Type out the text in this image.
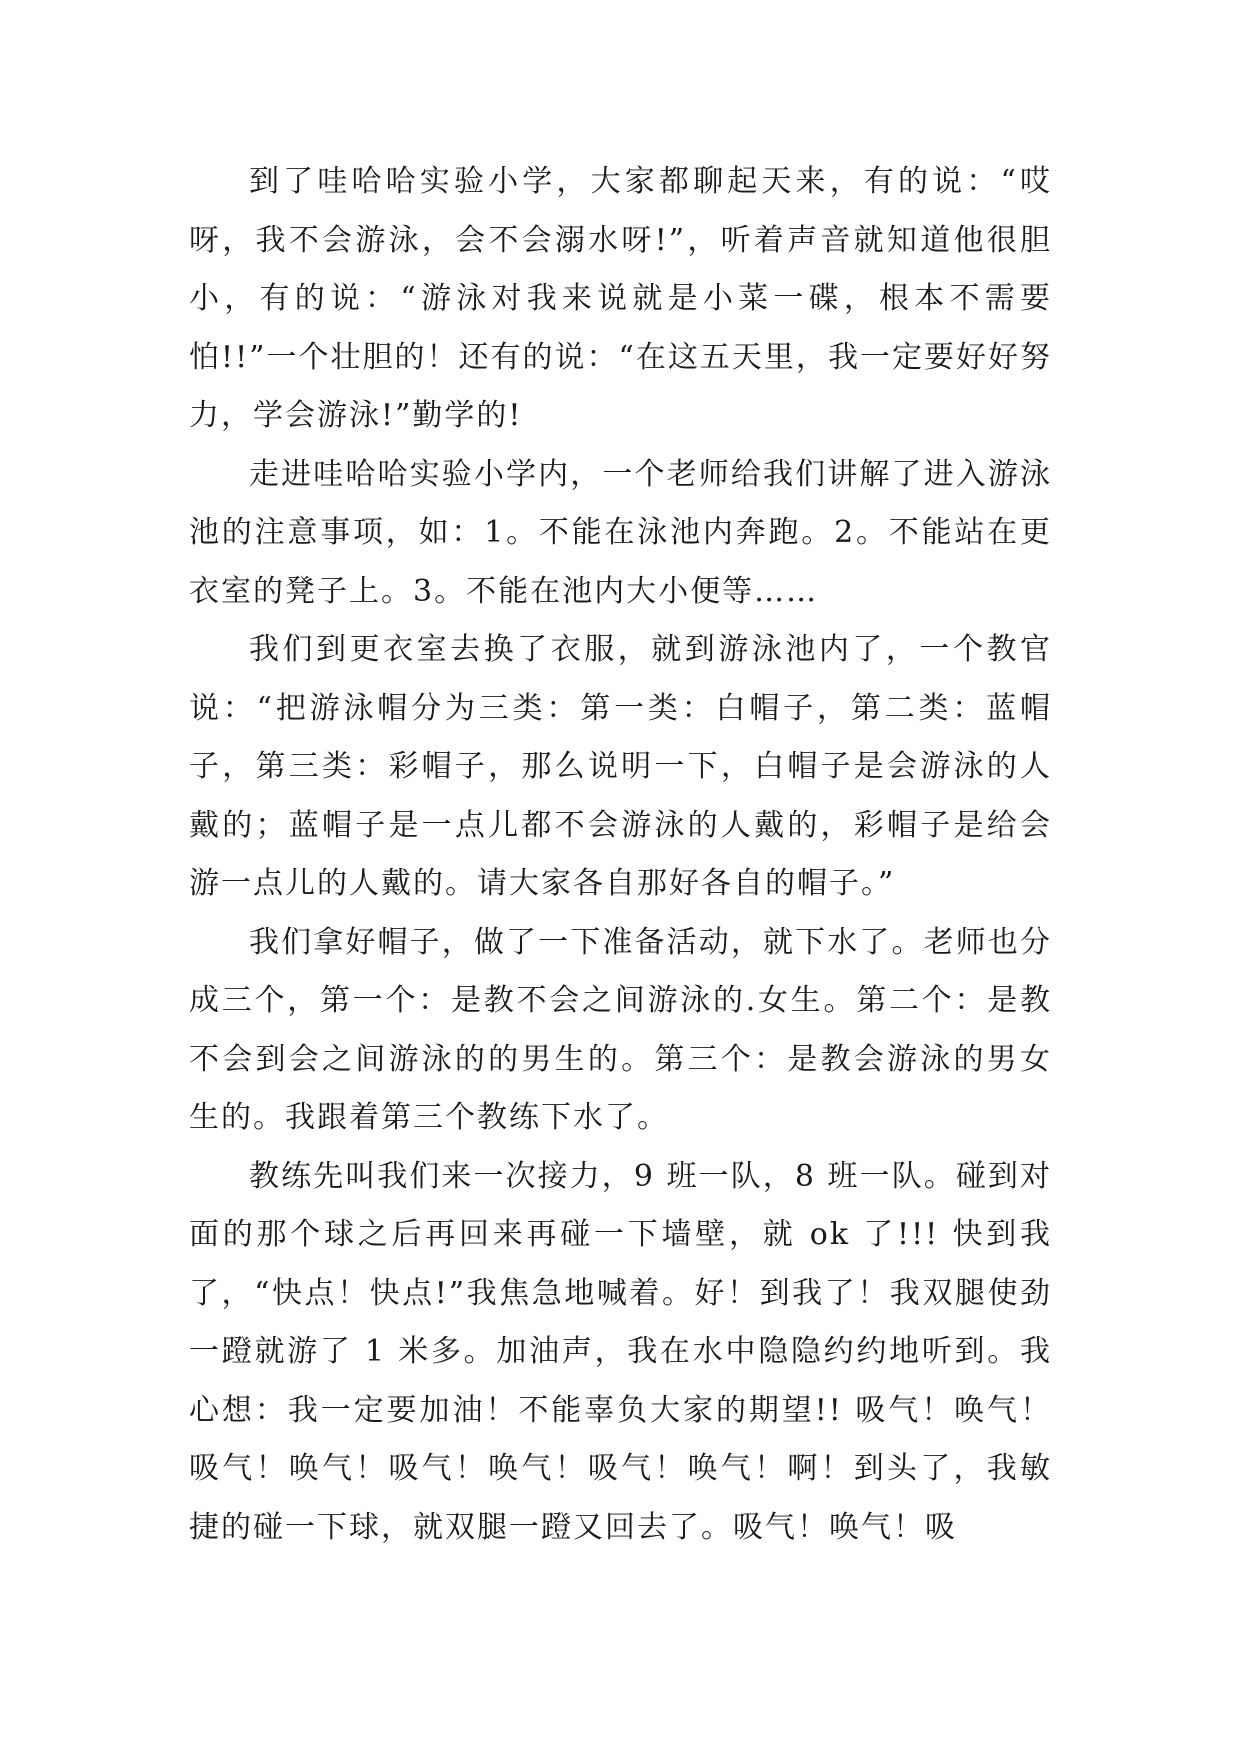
到了哇哈哈实验小学，大家都聊起天来，有的说：“哎呀，我不会游泳，会不会溺水呀!”，听着声音就知道他很胆小，有的说：“游泳对我来说就是小菜一碟，根本不需要怕!!”一个壮胆的！还有的说：“在这五天里，我一定要好好努力，学会游泳!”勤学的!

走进哇哈哈实验小学内，一个老师给我们讲解了进入游泳池的注意事项，如：1。不能在泳池内奔跑。2。不能站在更衣室的凳子上。3。不能在池内大小便等……

我们到更衣室去换了衣服，就到游泳池内了，一个教官说：“把游泳帽分为三类：第一类：白帽子，第二类：蓝帽子，第三类：彩帽子，那么说明一下，白帽子是会游泳的人戴的；蓝帽子是一点儿都不会游泳的人戴的，彩帽子是给会游一点儿的人戴的。请大家各自那好各自的帽子。”

我们拿好帽子，做了一下准备活动，就下水了。老师也分成三个，第一个：是教不会之间游泳的.女生。第二个：是教不会到会之间游泳的的男生的。第三个：是教会游泳的男女生的。我跟着第三个教练下水了。

教练先叫我们来一次接力，9 班一队，8 班一队。碰到对面的那个球之后再回来再碰一下墙壁，就 ok 了!!! 快到我了，“快点！快点!”我焦急地喊着。好！到我了！我双腿使劲一蹬就游了 1 米多。加油声，我在水中隐隐约约地听到。我心想：我一定要加油！不能辜负大家的期望!! 吸气！唤气！吸气！唤气！吸气！唤气！吸气！唤气！啊！到头了，我敏捷的碰一下球，就双腿一蹬又回去了。吸气！唤气！吸
